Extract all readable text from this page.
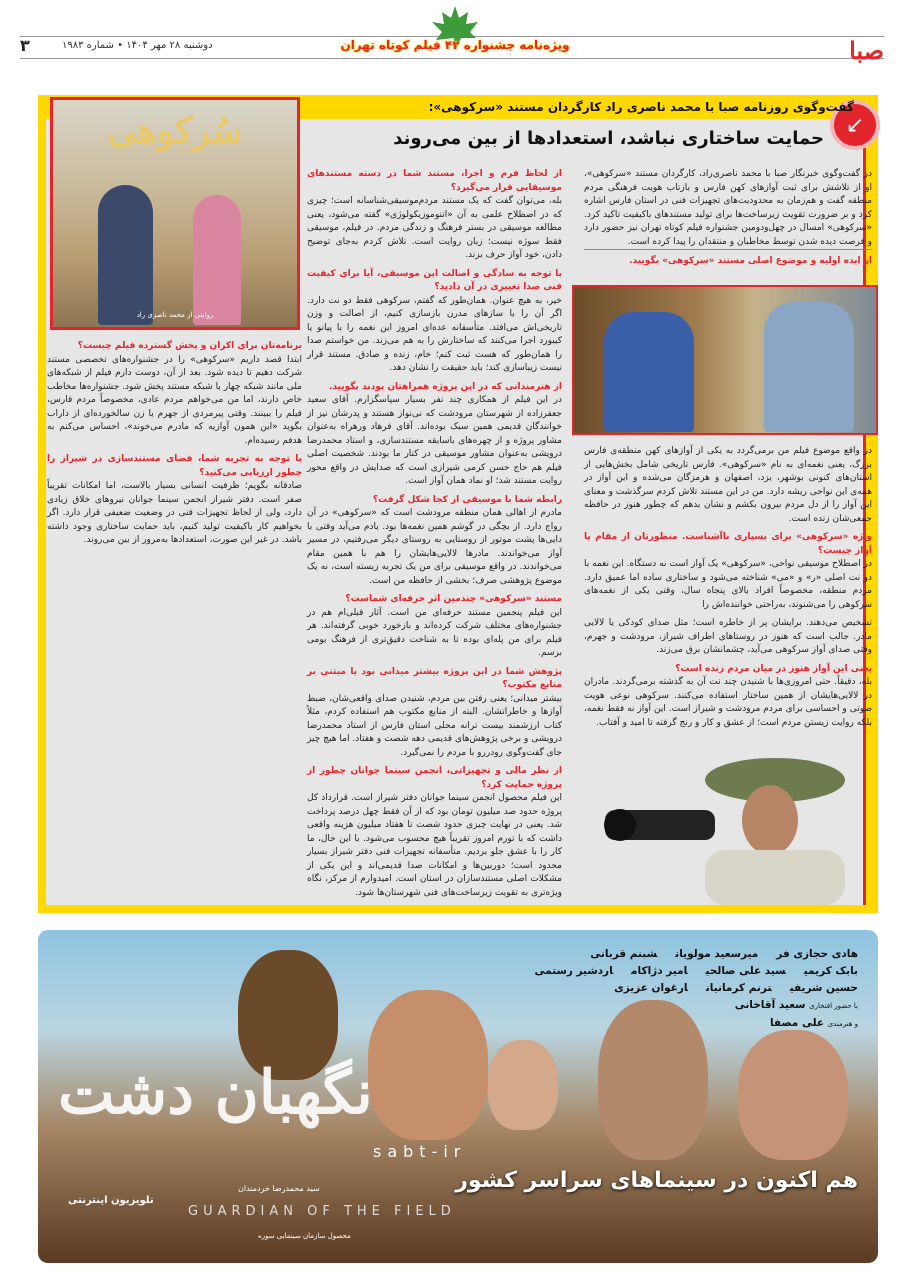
صبا
ویژه‌نامه جشنواره ۴۲ فیلم کوتاه تهران
دوشنبه ۲۸ مهر ۱۴۰۴ • شماره ۱۹۸۳
۳
سُرکوهی
روایتی از محمد ناصری راد
↙
گفت‌وگوی روزنامه صبا با محمد ناصری راد کارگردان مستند «سرکوهی»:
حمایت ساختاری نباشد، استعدادها از بین می‌روند

در گفت‌وگوی خبرنگار صبا با محمد ناصری‌راد، کارگردان مستند «سرکوهی»، او از تلاشش برای ثبت آوازهای کهن فارس و بازتاب هویت فرهنگی مردم منطقه گفت و هم‌زمان به محدودیت‌های تجهیزات فنی در استان فارس اشاره کرد و بر ضرورت تقویت زیرساخت‌ها برای تولید مستندهای باکیفیت تاکید کرد. «سرکوهی» امسال در چهل‌ودومین جشنواره فیلم کوتاه تهران نیز حضور دارد و فرصت دیده شدن توسط مخاطبان و منتقدان را پیدا کرده است.

از ایده اولیه و موضوع اصلی مستند «سرکوهی» بگویید.

در واقع موضوع فیلم من برمی‌گردد به یکی از آوازهای کهن منطقه‌ی فارس بزرگ، یعنی نغمه‌ای به نام «سرکوهی». فارس تاریخی شامل بخش‌هایی از استان‌های کنونی بوشهر، یزد، اصفهان و هرمزگان می‌شده و این آواز در همه‌ی این نواحی ریشه دارد. من در این مستند تلاش کردم سرگذشت و معنای این آواز را از دل مردم بیرون بکشم و نشان بدهم که چطور هنوز در حافظه جمعی‌شان زنده است.

واژه «سرکوهی» برای بسیاری ناآشناست. منظورتان از مقام یا آواز چیست؟

در اصطلاح موسیقی نواحی، «سرکوهی» یک آواز است نه دستگاه. این نغمه با دو نت اصلی «ر» و «می» شناخته می‌شود و ساختاری ساده اما عمیق دارد. مردم منطقه، مخصوصاً افراد بالای پنجاه سال، وقتی یکی از نغمه‌های سرکوهی را می‌شنوند، به‌راحتی خواننده‌اش را

تشخیص می‌دهند. برایشان پر از خاطره است؛ مثل صدای کودکی یا لالایی مادر. جالب است که هنوز در روستاهای اطراف شیراز، مرودشت و جهرم، وقتی صدای آواز سرکوهی می‌آید، چشمانشان برق می‌زند.

یعنی این آواز هنوز در میان مردم زنده است؟

بله، دقیقاً. حتی امروزی‌ها با شنیدن چند نت آن به گذشته برمی‌گردند. مادران در لالایی‌هایشان از همین ساختار استفاده می‌کنند. سرکوهی نوعی هویت صوتی و احساسی برای مردم مرودشت و شیراز است. این آواز نه فقط نغمه، بلکه روایت زیستن مردم است؛ از عشق و کار و رنج گرفته تا امید و آفتاب.

از لحاظ فرم و اجرا، مستند شما در دسته مستندهای موسیقایی قرار می‌گیرد؟

بله، می‌توان گفت که یک مستند مردم‌موسیقی‌شناسانه است؛ چیزی که در اصطلاح علمی به آن «اتنوموزیکولوژی» گفته می‌شود، یعنی مطالعه موسیقی در بستر فرهنگ و زندگی مردم. در فیلم، موسیقی فقط سوژه نیست؛ زبان روایت است. تلاش کردم به‌جای توضیح دادن، خود آواز حرف بزند.

با توجه به سادگی و اصالت این موسیقی، آیا برای کیفیت فنی صدا تغییری در آن دادید؟

خیر، به هیچ عنوان. همان‌طور که گفتم، سرکوهی فقط دو نت دارد. اگر آن را با سازهای مدرن بازسازی کنیم، از اصالت و وزن تاریخی‌اش می‌افتد. متأسفانه عده‌ای امروز این نغمه را با پیانو یا کیبورد اجرا می‌کنند که ساختارش را به هم می‌زند. من خواستم صدا را همان‌طور که هست ثبت کنم؛ خام، زنده و صادق. مستند قرار نیست زیباسازی کند؛ باید حقیقت را نشان دهد.

از هنرمندانی که در این پروژه همراهتان بودند بگویید.

در این فیلم از همکاری چند نفر بسیار سپاسگزارم. آقای سعید جعفرزاده از شهرستان مرودشت که نی‌نواز هستند و پدرشان نیز از خوانندگان قدیمی همین سبک بوده‌اند. آقای فرهاد ورهراه به‌عنوان مشاور پروژه و از چهره‌های باسابقه مستندسازی، و استاد محمدرضا درویشی به‌عنوان مشاور موسیقی در کنار ما بودند. شخصیت اصلی فیلم هم حاج حسن کرمی شیرازی است که صدایش در واقع محور روایت مستند شد؛ او نماد همان آواز است.

رابطه شما با موسیقی از کجا شکل گرفت؟

مادرم از اهالی همان منطقه مرودشت است که «سرکوهی» در آن رواج دارد. از بچگی در گوشم همین نغمه‌ها بود. یادم می‌آید وقتی با دایی‌ها پشت موتور از روستایی به روستای دیگر می‌رفتیم، در مسیر آواز می‌خواندند. مادرها لالایی‌هایشان را هم با همین مقام می‌خواندند. در واقع موسیقی برای من یک تجربه زیسته است، نه یک موضوع پژوهشی صرف؛ بخشی از حافظه من است.

مستند «سرکوهی» چندمین اثر حرفه‌ای شماست؟

این فیلم پنجمین مستند حرفه‌ای من است. آثار قبلی‌ام هم در جشنواره‌های مختلف شرکت کرده‌اند و بازخورد خوبی گرفته‌اند. هر فیلم برای من پله‌ای بوده تا به شناخت دقیق‌تری از فرهنگ بومی برسم.

پژوهش شما در این پروژه بیشتر میدانی بود یا مبتنی بر منابع مکتوب؟

بیشتر میدانی؛ یعنی رفتن بین مردم، شنیدن صدای واقعی‌شان، ضبط آوازها و خاطراتشان. البته از منابع مکتوب هم استفاده کردم، مثلاً کتاب ارزشمند بیست ترانه محلی استان فارس از استاد محمدرضا درویشی و برخی پژوهش‌های قدیمی دهه شصت و هفتاد. اما هیچ چیز جای گفت‌وگوی رودررو با مردم را نمی‌گیرد.

از نظر مالی و تجهیزاتی، انجمن سینما جوانان چطور از پروژه حمایت کرد؟

این فیلم محصول انجمن سینما جوانان دفتر شیراز است. قرارداد کل پروژه حدود صد میلیون تومان بود که از آن فقط چهل درصد پرداخت شد. یعنی در نهایت چیزی حدود شصت تا هفتاد میلیون هزینه واقعی داشت که با تورم امروز تقریباً هیچ محسوب می‌شود. با این حال، ما کار را با عشق جلو بردیم. متأسفانه تجهیزات فنی دفتر شیراز بسیار محدود است؛ دوربین‌ها و امکانات صدا قدیمی‌اند و این یکی از مشکلات اصلی مستندسازان در استان است. امیدوارم از مرکز، نگاه ویژه‌تری به تقویت زیرساخت‌های فنی شهرستان‌ها شود.

برنامه‌تان برای اکران و پخش گسترده فیلم چیست؟

ابتدا قصد داریم «سرکوهی» را در جشنواره‌های تخصصی مستند شرکت دهیم تا دیده شود. بعد از آن، دوست دارم فیلم از شبکه‌های ملی مانند شبکه چهار یا شبکه مستند پخش شود. جشنواره‌ها مخاطب خاص دارند، اما من می‌خواهم مردم عادی، مخصوصاً مردم فارس، فیلم را ببینند. وقتی پیرمردی از جهرم یا زن سالخورده‌ای از داراب بگوید «این همون آوازیه که مادرم می‌خوند»، احساس می‌کنم به هدفم رسیده‌ام.

با توجه به تجربه شما، فضای مستندسازی در شیراز را چطور ارزیابی می‌کنید؟

صادقانه بگویم؛ ظرفیت انسانی بسیار بالاست، اما امکانات تقریباً صفر است. دفتر شیراز انجمن سینما جوانان نیروهای خلاق زیادی دارد، ولی از لحاظ تجهیزات فنی در وضعیت ضعیفی قرار دارد. اگر بخواهیم کار باکیفیت تولید کنیم، باید حمایت ساختاری وجود داشته باشد. در غیر این صورت، استعدادها به‌مرور از بین می‌روند.

هادی حجازی فرمیرسعید مولویانشبنم قربانی
بابک کریمیسید علی صالحیامیر دژاکاماردشیر رستمی
حسین شریفیترنم کرمانیانارغوان عزیزی
با حضور افتخاری سعید آقاخانی
و هنرمندی علی مصفا
نگهبان دشت
sabt-ir
هم اکنون در سینماهای سراسر کشور
سید محمدرضا خردمندان
GUARDIAN OF THE FIELD
محصول سازمان سینمایی سوره
تلویزیون اینترنتی
